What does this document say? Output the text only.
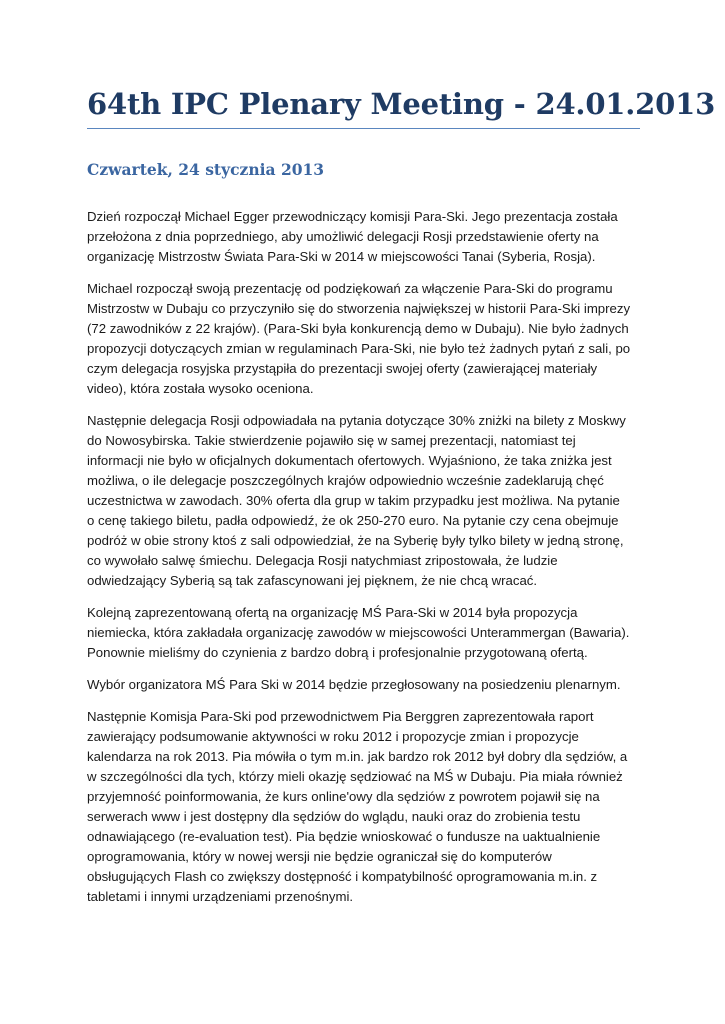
64th IPC Plenary Meeting - 24.01.2013
Czwartek, 24 stycznia 2013

Dzień rozpoczął Michael Egger przewodniczący komisji Para-Ski. Jego prezentacja została
przełożona z dnia poprzedniego, aby umożliwić delegacji Rosji przedstawienie oferty na
organizację Mistrzostw Świata Para-Ski w 2014 w miejscowości Tanai (Syberia, Rosja).

Michael rozpoczął swoją prezentację od podziękowań za włączenie Para-Ski do programu
Mistrzostw w Dubaju co przyczyniło się do stworzenia największej w historii Para-Ski imprezy
(72 zawodników z 22 krajów). (Para-Ski była konkurencją demo w Dubaju). Nie było żadnych
propozycji dotyczących zmian w regulaminach Para-Ski, nie było też żadnych pytań z sali, po
czym delegacja rosyjska przystąpiła do prezentacji swojej oferty (zawierającej materiały
video), która została wysoko oceniona.

Następnie delegacja Rosji odpowiadała na pytania dotyczące 30% zniżki na bilety z Moskwy
do Nowosybirska. Takie stwierdzenie pojawiło się w samej prezentacji, natomiast tej
informacji nie było w oficjalnych dokumentach ofertowych. Wyjaśniono, że taka zniżka jest
możliwa, o ile delegacje poszczególnych krajów odpowiednio wcześnie zadeklarują chęć
uczestnictwa w zawodach. 30% oferta dla grup w takim przypadku jest możliwa. Na pytanie
o cenę takiego biletu, padła odpowiedź, że ok 250-270 euro. Na pytanie czy cena obejmuje
podróż w obie strony ktoś z sali odpowiedział, że na Syberię były tylko bilety w jedną stronę,
co wywołało salwę śmiechu. Delegacja Rosji natychmiast zripostowała, że ludzie
odwiedzający Syberią są tak zafascynowani jej pięknem, że nie chcą wracać.

Kolejną zaprezentowaną ofertą na organizację MŚ Para-Ski w 2014 była propozycja
niemiecka, która zakładała organizację zawodów w miejscowości Unterammergan (Bawaria).
Ponownie mieliśmy do czynienia z bardzo dobrą i profesjonalnie przygotowaną ofertą.

Wybór organizatora MŚ Para Ski w 2014 będzie przegłosowany na posiedzeniu plenarnym.

Następnie Komisja Para-Ski pod przewodnictwem Pia Berggren zaprezentowała raport
zawierający podsumowanie aktywności w roku 2012 i propozycje zmian i propozycje
kalendarza na rok 2013. Pia mówiła o tym m.in. jak bardzo rok 2012 był dobry dla sędziów, a
w szczególności dla tych, którzy mieli okazję sędziować na MŚ w Dubaju. Pia miała również
przyjemność poinformowania, że kurs online'owy dla sędziów z powrotem pojawił się na
serwerach www i jest dostępny dla sędziów do wglądu, nauki oraz do zrobienia testu
odnawiającego (re-evaluation test). Pia będzie wnioskować o fundusze na uaktualnienie
oprogramowania, który w nowej wersji nie będzie ograniczał się do komputerów
obsługujących Flash co zwiększy dostępność i kompatybilność oprogramowania m.in. z
tabletami i innymi urządzeniami przenośnymi.
